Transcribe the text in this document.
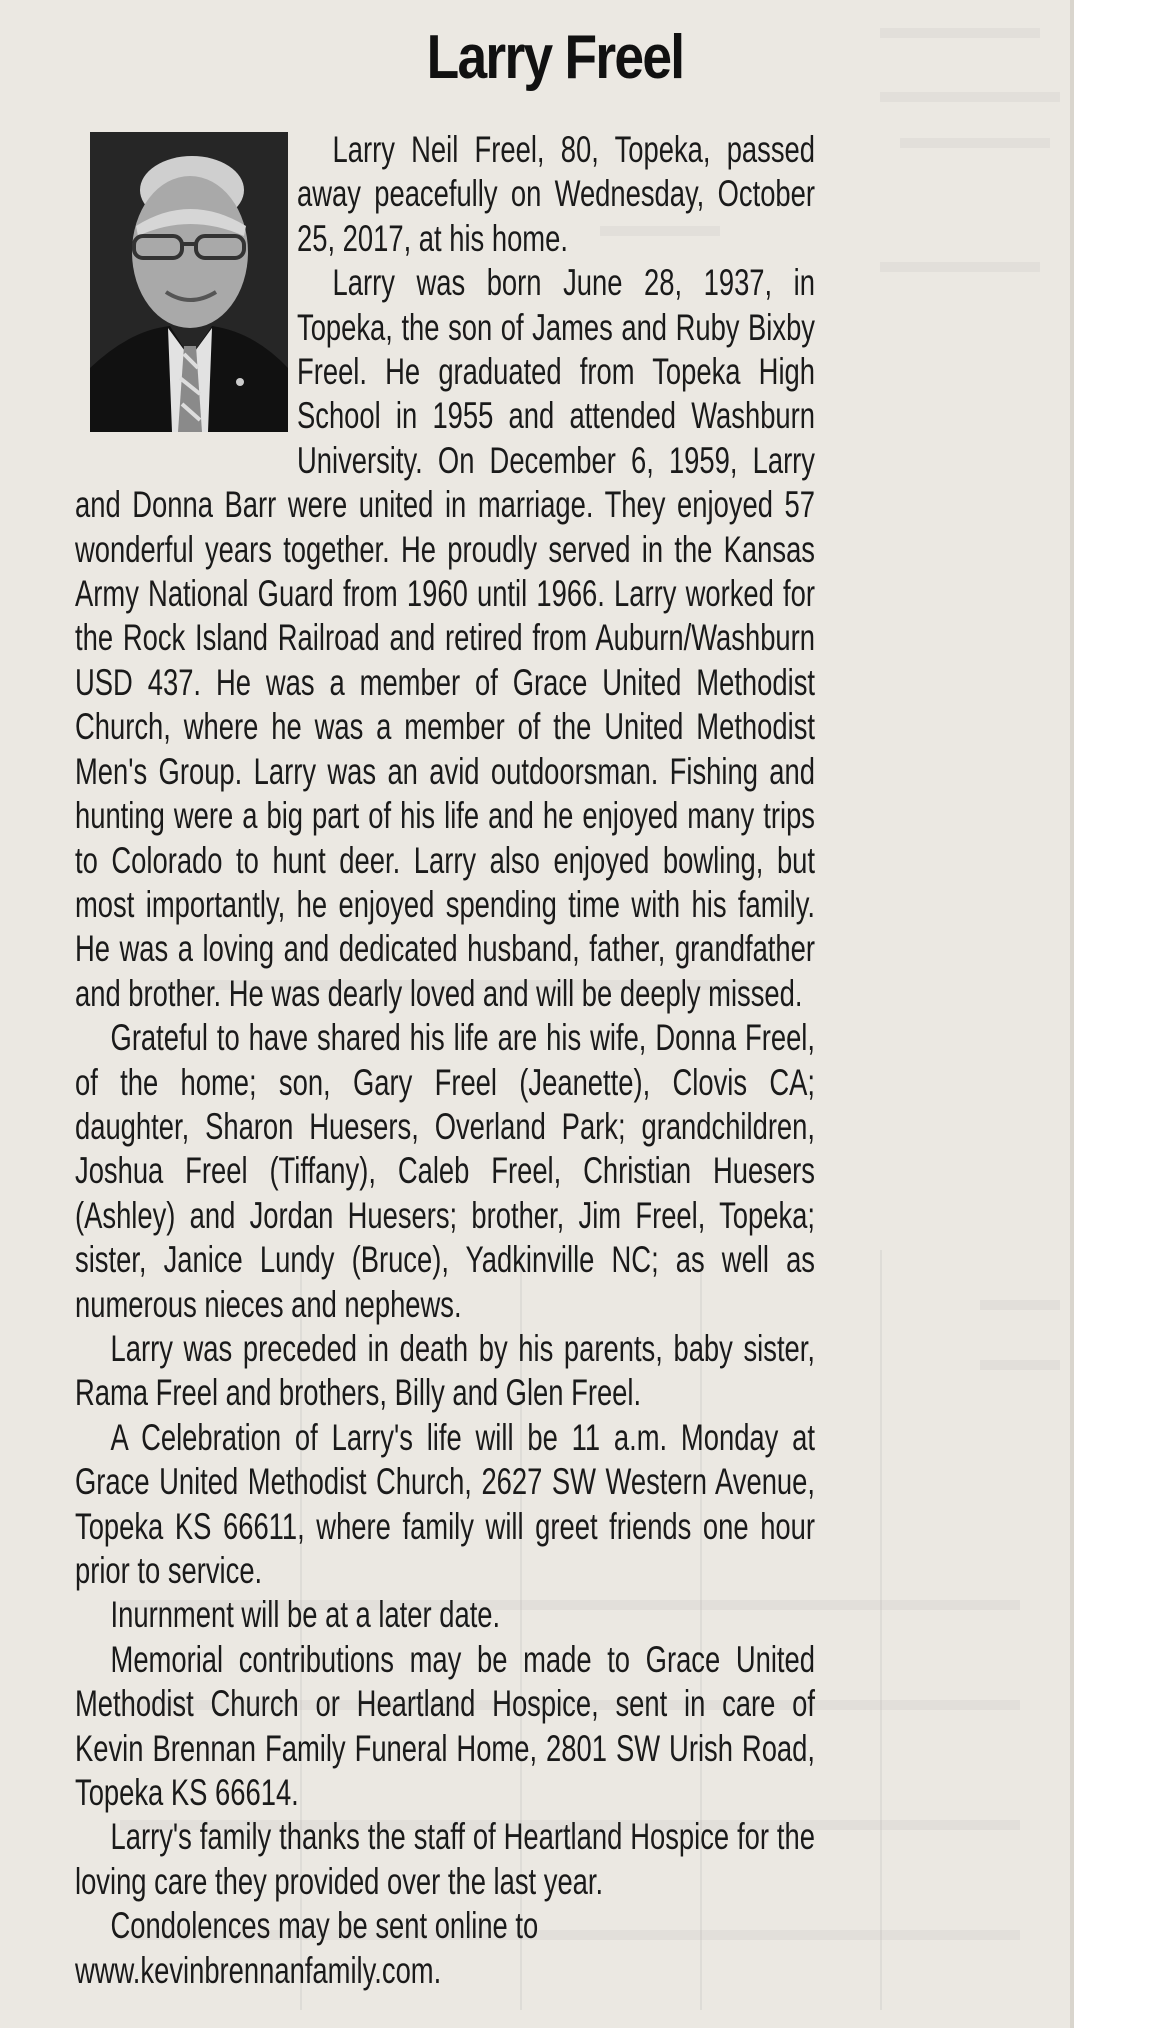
Larry Freel

Larry Neil Freel, 80, Topeka, passed away peacefully on Wednesday, October 25, 2017, at his home.

Larry was born June 28, 1937, in Topeka, the son of James and Ruby Bixby Freel. He graduated from Topeka High School in 1955 and attended Washburn University. On December 6, 1959, Larry and Donna Barr were united in marriage. They enjoyed 57 wonderful years together. He proudly served in the Kansas Army National Guard from 1960 until 1966. Larry worked for the Rock Island Railroad and retired from Auburn/Washburn USD 437. He was a member of Grace United Methodist Church, where he was a member of the United Methodist Men's Group. Larry was an avid outdoorsman. Fishing and hunting were a big part of his life and he enjoyed many trips to Colorado to hunt deer. Larry also enjoyed bowling, but most importantly, he enjoyed spending time with his family. He was a loving and dedicated husband, father, grandfather and brother. He was dearly loved and will be deeply missed.

Grateful to have shared his life are his wife, Donna Freel, of the home; son, Gary Freel (Jeanette), Clovis CA; daughter, Sharon Huesers, Overland Park; grandchildren, Joshua Freel (Tiffany), Caleb Freel, Christian Huesers (Ashley) and Jordan Huesers; brother, Jim Freel, Topeka; sister, Janice Lundy (Bruce), Yadkinville NC; as well as numerous nieces and nephews.

Larry was preceded in death by his parents, baby sister, Rama Freel and brothers, Billy and Glen Freel.

A Celebration of Larry's life will be 11 a.m. Monday at Grace United Methodist Church, 2627 SW Western Avenue, Topeka KS 66611, where family will greet friends one hour prior to service.

Inurnment will be at a later date.

Memorial contributions may be made to Grace United Methodist Church or Heartland Hospice, sent in care of Kevin Brennan Family Funeral Home, 2801 SW Urish Road, Topeka KS 66614.

Larry's family thanks the staff of Heartland Hospice for the loving care they provided over the last year.

Condolences may be sent online to www.kevinbrennanfamily.com.
